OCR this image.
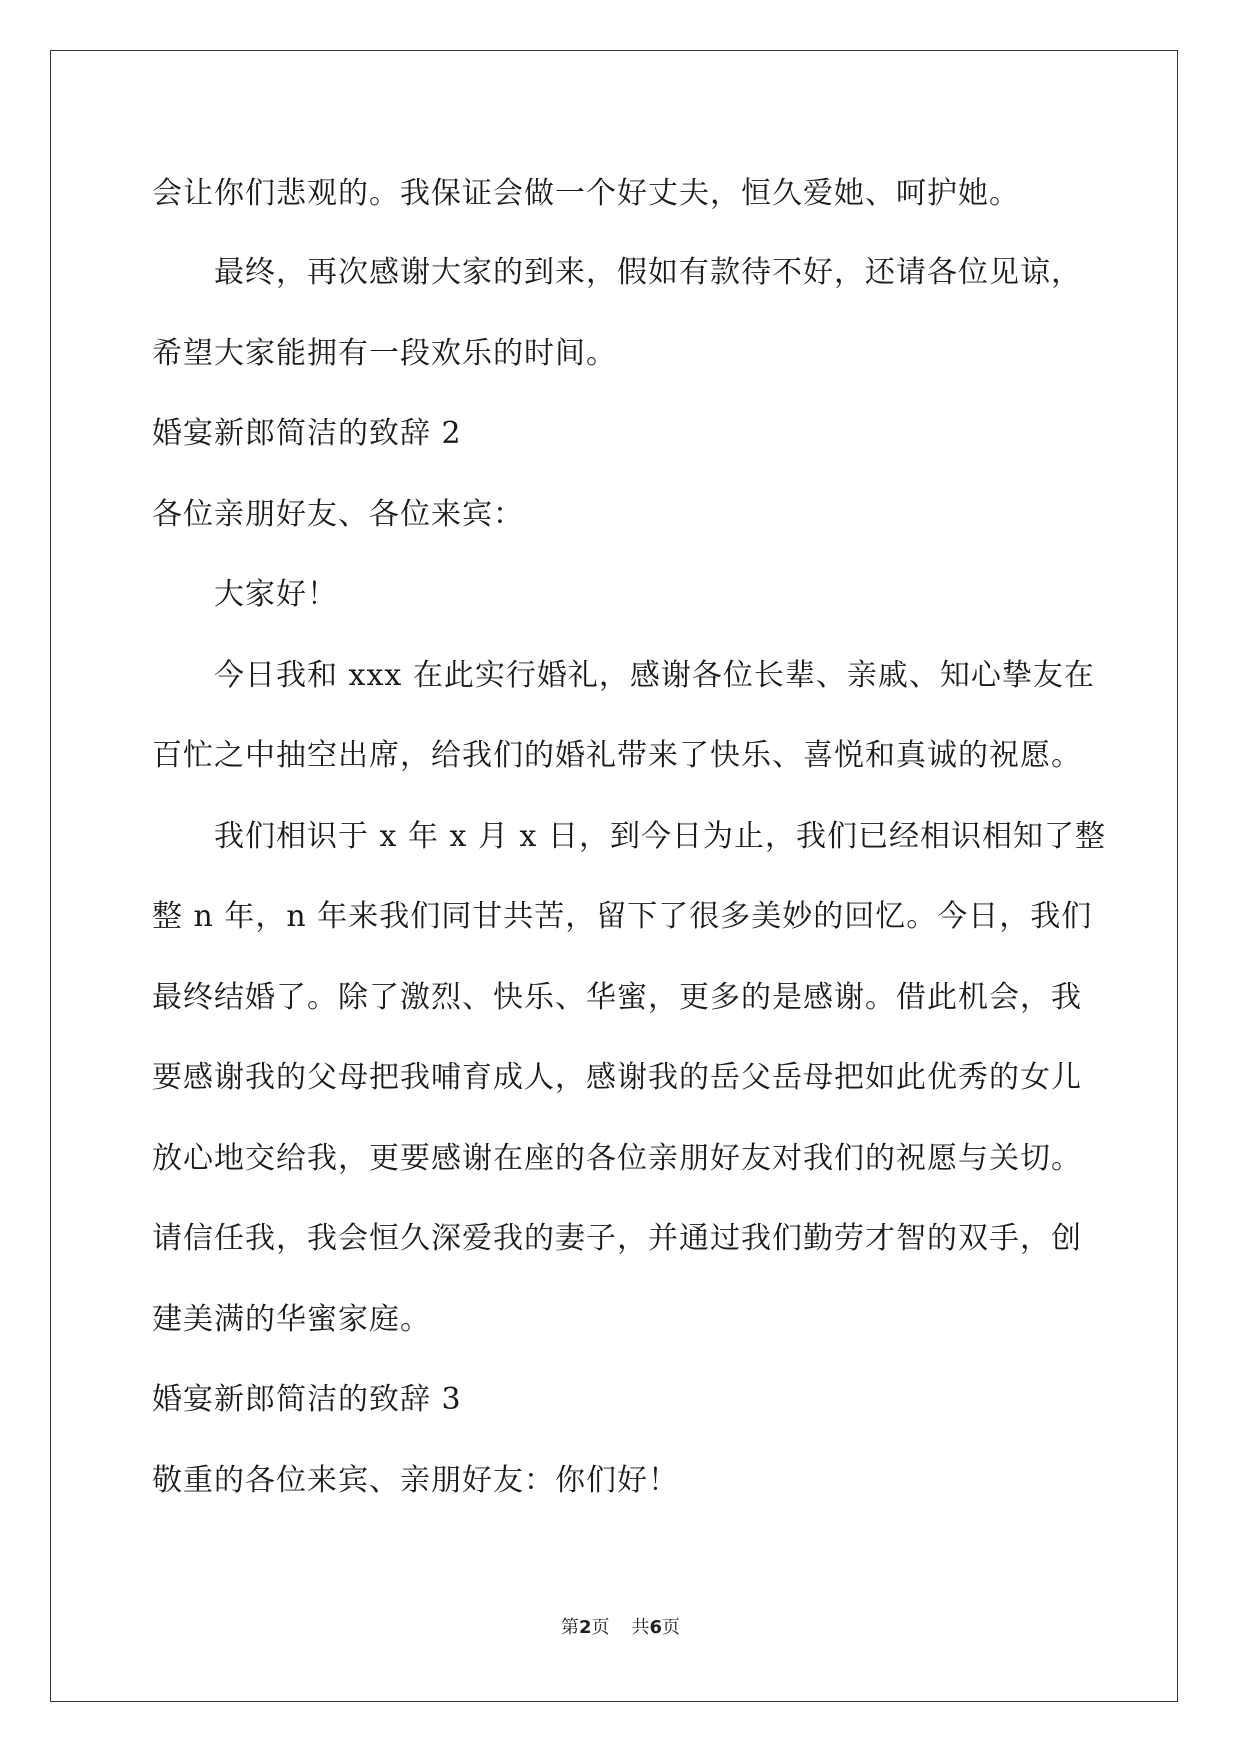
会让你们悲观的。我保证会做一个好丈夫，恒久爱她、呵护她。
最终，再次感谢大家的到来，假如有款待不好，还请各位见谅，
希望大家能拥有一段欢乐的时间。
婚宴新郎简洁的致辞 2
各位亲朋好友、各位来宾：
大家好！
今日我和 xxx 在此实行婚礼，感谢各位长辈、亲戚、知心挚友在
百忙之中抽空出席，给我们的婚礼带来了快乐、喜悦和真诚的祝愿。
我们相识于 x 年 x 月 x 日，到今日为止，我们已经相识相知了整
整 n 年，n 年来我们同甘共苦，留下了很多美妙的回忆。今日，我们
最终结婚了。除了激烈、快乐、华蜜，更多的是感谢。借此机会，我
要感谢我的父母把我哺育成人，感谢我的岳父岳母把如此优秀的女儿
放心地交给我，更要感谢在座的各位亲朋好友对我们的祝愿与关切。
请信任我，我会恒久深爱我的妻子，并通过我们勤劳才智的双手，创
建美满的华蜜家庭。
婚宴新郎简洁的致辞 3
敬重的各位来宾、亲朋好友：你们好！
第2页 共6页
